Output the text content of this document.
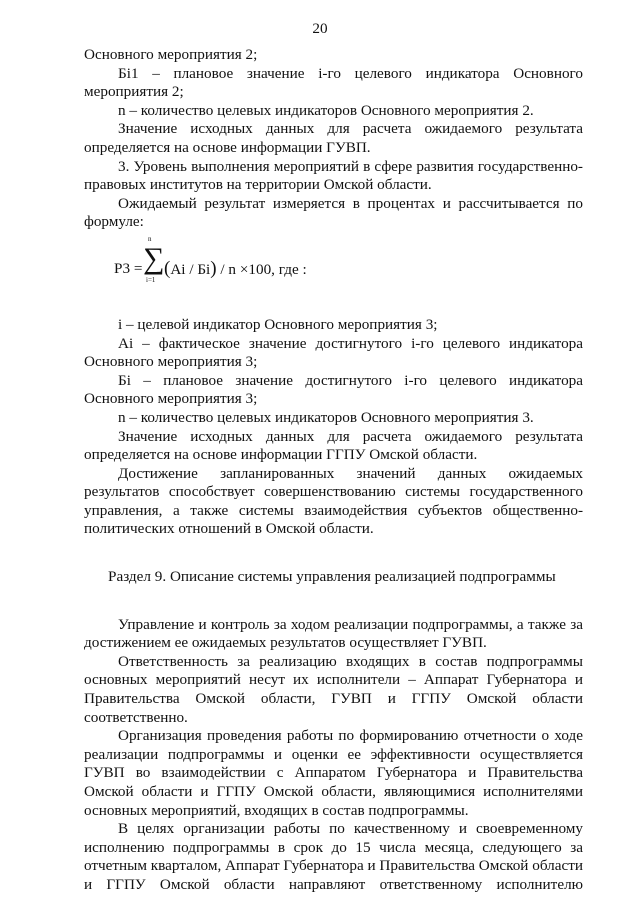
20

Основного мероприятия 2;

Бi1 – плановое значение i-го целевого индикатора Основного мероприятия 2;

n – количество целевых индикаторов Основного мероприятия 2.

Значение исходных данных для расчета ожидаемого результата определяется на основе информации ГУВП.

3. Уровень выполнения мероприятий в сфере развития государственно-правовых институтов на территории Омской области.

Ожидаемый результат измеряется в процентах и рассчитывается по формуле:

Р3 =
n
∑
i=1
(Аi / Бi) / n ×100, где :

i – целевой индикатор Основного мероприятия 3;

Аi – фактическое значение достигнутого i-го целевого индикатора Основного мероприятия 3;

Бi – плановое значение достигнутого i-го целевого индикатора Основного мероприятия 3;

n – количество целевых индикаторов Основного мероприятия 3.

Значение исходных данных для расчета ожидаемого результата определяется на основе информации ГГПУ Омской области.

Достижение запланированных значений данных ожидаемых результатов способствует совершенствованию системы государственного управления, а также системы взаимодействия субъектов общественно-политических отношений в Омской области.

Раздел 9. Описание системы управления реализацией подпрограммы

Управление и контроль за ходом реализации подпрограммы, а также за достижением ее ожидаемых результатов осуществляет ГУВП.

Ответственность за реализацию входящих в состав подпрограммы основных мероприятий несут их исполнители – Аппарат Губернатора и Правительства Омской области, ГУВП и ГГПУ Омской области соответственно.

Организация проведения работы по формированию отчетности о ходе реализации подпрограммы и оценки ее эффективности осуществляется ГУВП во взаимодействии с Аппаратом Губернатора и Правительства Омской области и ГГПУ Омской области, являющимися исполнителями основных мероприятий, входящих в состав подпрограммы.

В целях организации работы по качественному и своевременному

исполнению подпрограммы в срок до 15 числа месяца, следующего за

отчетным кварталом, Аппарат Губернатора и Правительства Омской области

и ГГПУ Омской области направляют ответственному исполнителю
